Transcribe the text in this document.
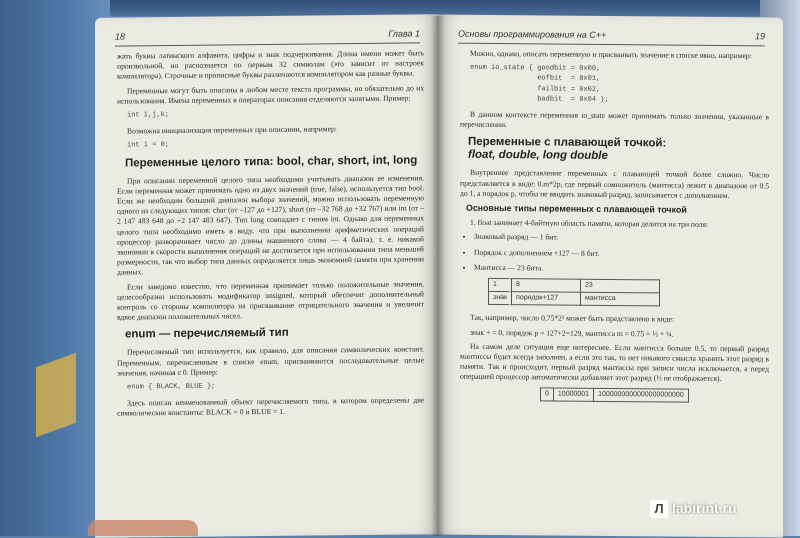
18	Глава 1

жать буквы латинского алфавита, цифры и знак подчеркивания. Длина имени может быть произвольной, но распознается по первым 32 символам (это зависит от настроек компилятора). Строчные и прописные буквы различаются компилятором как разные буквы.

Переменные могут быть описаны в любом месте текста программы, но обязательно до их использования. Имена переменных в операторах описания отделяются запятыми. Пример:

int i,j,k;

Возможна инициализация переменных при описании, например:

int i = 0;
Переменные целого типа: bool, char, short, int, long

При описании переменной целого типа необходимо учитывать диапазон ее изменения. Если переменная может принимать одно из двух значений (true, false), используется тип bool. Если же необходим больший диапазон выбора значений, можно использовать переменную одного из следующих типов: char (от –127 до +127), short (от –32 768 до +32 767) или int (от –2 147 483 648 до +2 147 483 647). Тип long совпадает с типом int. Однако для переменных целого типа необходимо иметь в виду, что при выполнении арифметических операций процессор разворачивает число до длины машинного слова — 4 байта), т. е. никакой экономии в скорости выполнения операций не достигается при использовании типа меньшей размерности, так что выбор типа данных определяется лишь экономией памяти при хранении данных.

Если заведомо известно, что переменная принимает только положительные значения, целесообразно использовать модификатор unsigned, который обеспечит дополнительный контроль со стороны компилятора на присваивание отрицательного значения и увеличит вдвое диапазон положительных чисел.

enum — перечисляемый тип

Перечисляемый тип используется, как правило, для описания символических констант. Переменным, перечисленным в списке enum, присваиваются последовательные целые значения, начиная с 0. Пример:

enum { BLACK, BLUE };

Здесь описан неименованный объект перечисляемого типа, в котором определены две символические константы: BLACK = 0 и BLUE = 1.

Основы программирования на C++	19

Можно, однако, описать переменную и присваивать значение в списке явно, например:

enum io_state { goodbit = 0x00,
eofbit  = 0x01,
failbit = 0x02,
badbit  = 0x04 };

В данном контексте переменная io_state может принимать только значения, указанные в перечислении.

Переменные с плавающей точкой:
float, double, long double

Внутреннее представление переменных с плавающей точкой более сложно. Число представляется в виде: 0.m*2p, где первый сомножитель (мантисса) лежит в диапазоне от 0.5 до 1, а порядок p, чтобы не вводить знаковый разряд, записывается с дополнением.

Основные типы переменных с плавающей точкой

1. float занимает 4-байтную область памяти, которая делится на три поля:

• Знаковый разряд — 1 бит.
• Порядок с дополнением +127 — 8 бит.
• Мантисса — 23 бита.
1	8	23
знак	порядок+127	мантисса

Так, например, число 0,75*2² может быть представлено в виде:

знак + = 0, порядок p = 127+2=129, мантисса m = 0.75 = ½ + ¼.

На самом деле ситуация еще интереснее. Если мантисса больше 0.5, то первый разряд мантиссы будет всегда заполнен, а если это так, то нет никакого смысла хранить этот разряд в памяти. Так и происходит, первый разряд мантиссы при записи числа исключается, а перед операцией процессор автоматически добавляет этот разряд (½ не отображается).

0	10000001	1000000000000000000000
Л labirint.ru
